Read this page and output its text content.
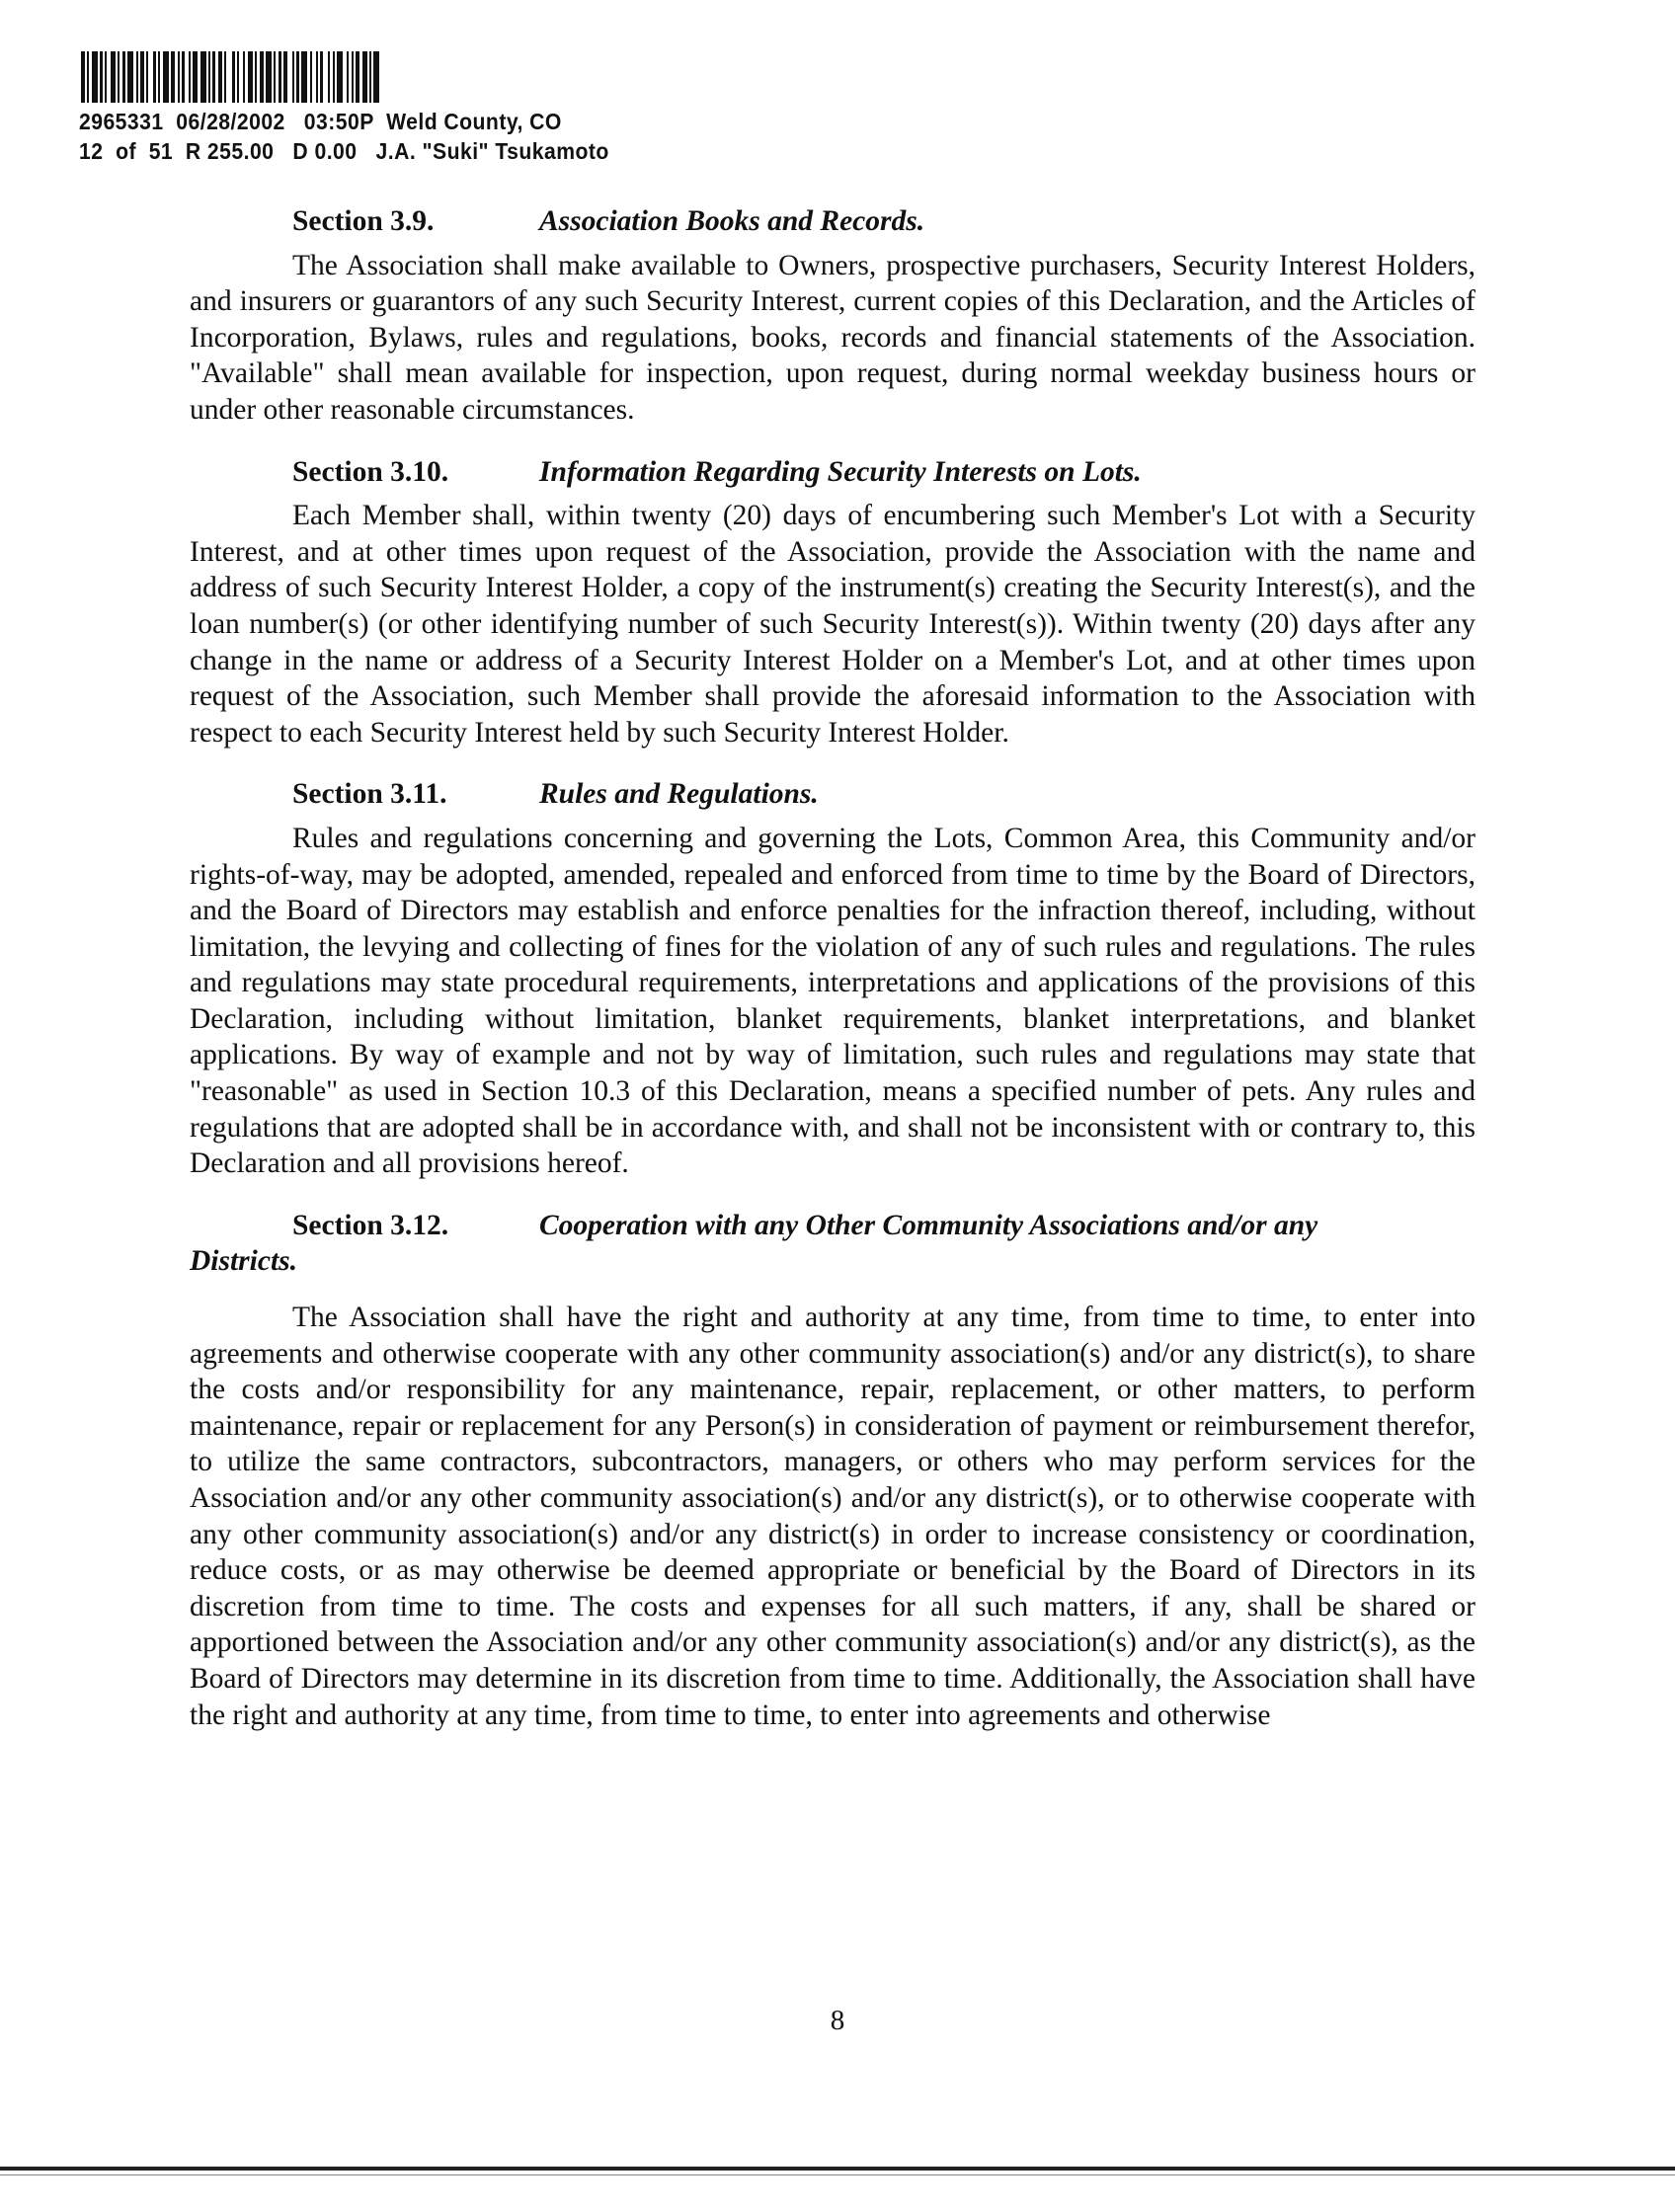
2965331  06/28/2002   03:50P  Weld County, CO
12  of  51  R 255.00   D 0.00   J.A. "Suki" Tsukamoto
Section 3.9.	Association Books and Records.

The Association shall make available to Owners, prospective purchasers, Security Interest Holders, and insurers or guarantors of any such Security Interest, current copies of this Declaration, and the Articles of Incorporation, Bylaws, rules and regulations, books, records and financial statements of the Association. "Available" shall mean available for inspection, upon request, during normal weekday business hours or under other reasonable circumstances.

Section 3.10.	Information Regarding Security Interests on Lots.

Each Member shall, within twenty (20) days of encumbering such Member's Lot with a Security Interest, and at other times upon request of the Association, provide the Association with the name and address of such Security Interest Holder, a copy of the instrument(s) creating the Security Interest(s), and the loan number(s) (or other identifying number of such Security Interest(s)). Within twenty (20) days after any change in the name or address of a Security Interest Holder on a Member's Lot, and at other times upon request of the Association, such Member shall provide the aforesaid information to the Association with respect to each Security Interest held by such Security Interest Holder.

Section 3.11.	Rules and Regulations.

Rules and regulations concerning and governing the Lots, Common Area, this Community and/or rights-of-way, may be adopted, amended, repealed and enforced from time to time by the Board of Directors, and the Board of Directors may establish and enforce penalties for the infraction thereof, including, without limitation, the levying and collecting of fines for the violation of any of such rules and regulations. The rules and regulations may state procedural requirements, interpretations and applications of the provisions of this Declaration, including without limitation, blanket requirements, blanket interpretations, and blanket applications. By way of example and not by way of limitation, such rules and regulations may state that "reasonable" as used in Section 10.3 of this Declaration, means a specified number of pets. Any rules and regulations that are adopted shall be in accordance with, and shall not be inconsistent with or contrary to, this Declaration and all provisions hereof.

Section 3.12.	Cooperation with any Other Community Associations and/or any
Districts.

The Association shall have the right and authority at any time, from time to time, to enter into agreements and otherwise cooperate with any other community association(s) and/or any district(s), to share the costs and/or responsibility for any maintenance, repair, replacement, or other matters, to perform maintenance, repair or replacement for any Person(s) in consideration of payment or reimbursement therefor, to utilize the same contractors, subcontractors, managers, or others who may perform services for the Association and/or any other community association(s) and/or any district(s), or to otherwise cooperate with any other community association(s) and/or any district(s) in order to increase consistency or coordination, reduce costs, or as may otherwise be deemed appropriate or beneficial by the Board of Directors in its discretion from time to time. The costs and expenses for all such matters, if any, shall be shared or apportioned between the Association and/or any other community association(s) and/or any district(s), as the Board of Directors may determine in its discretion from time to time. Additionally, the Association shall have the right and authority at any time, from time to time, to enter into agreements and otherwise

8
